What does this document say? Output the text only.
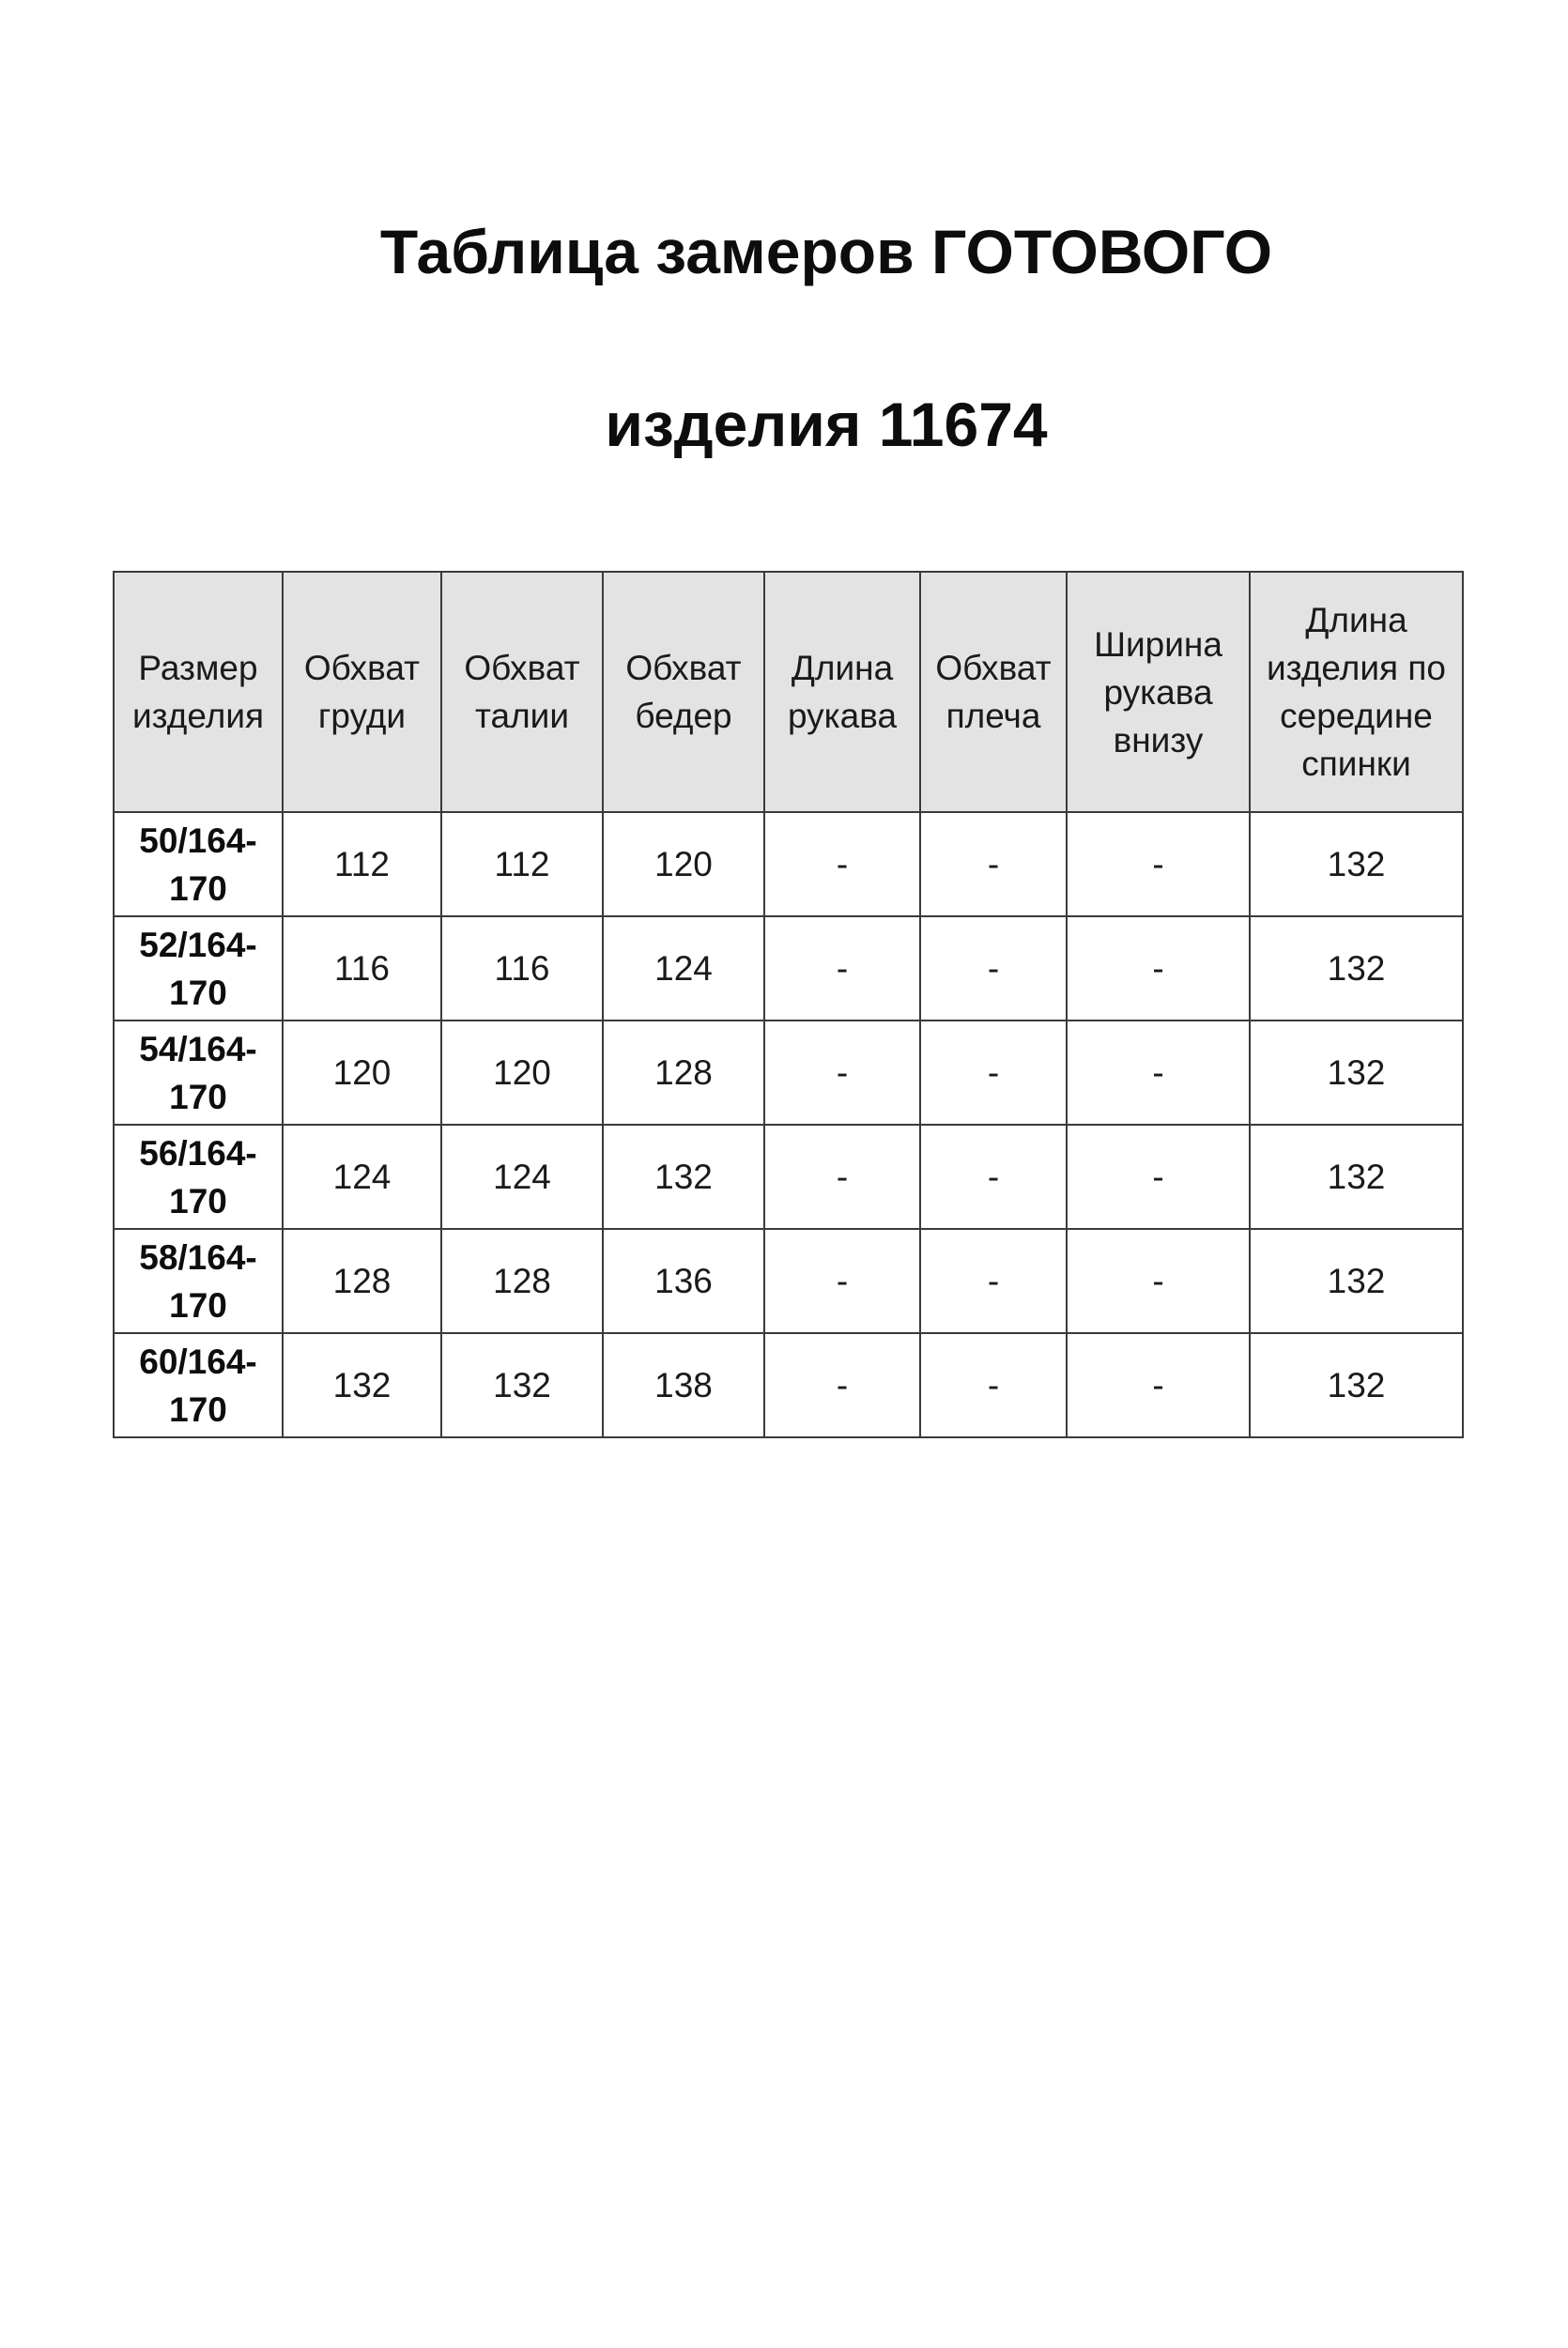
Таблица замеров ГОТОВОГО
изделия 11674
Размер изделия	Обхват груди	Обхват талии	Обхват бедер	Длина рукава	Обхват плеча	Ширина рукава внизу	Длина изделия по середине спинки
50/164-170	112	112	120	-	-	-	132
52/164-170	116	116	124	-	-	-	132
54/164-170	120	120	128	-	-	-	132
56/164-170	124	124	132	-	-	-	132
58/164-170	128	128	136	-	-	-	132
60/164-170	132	132	138	-	-	-	132
